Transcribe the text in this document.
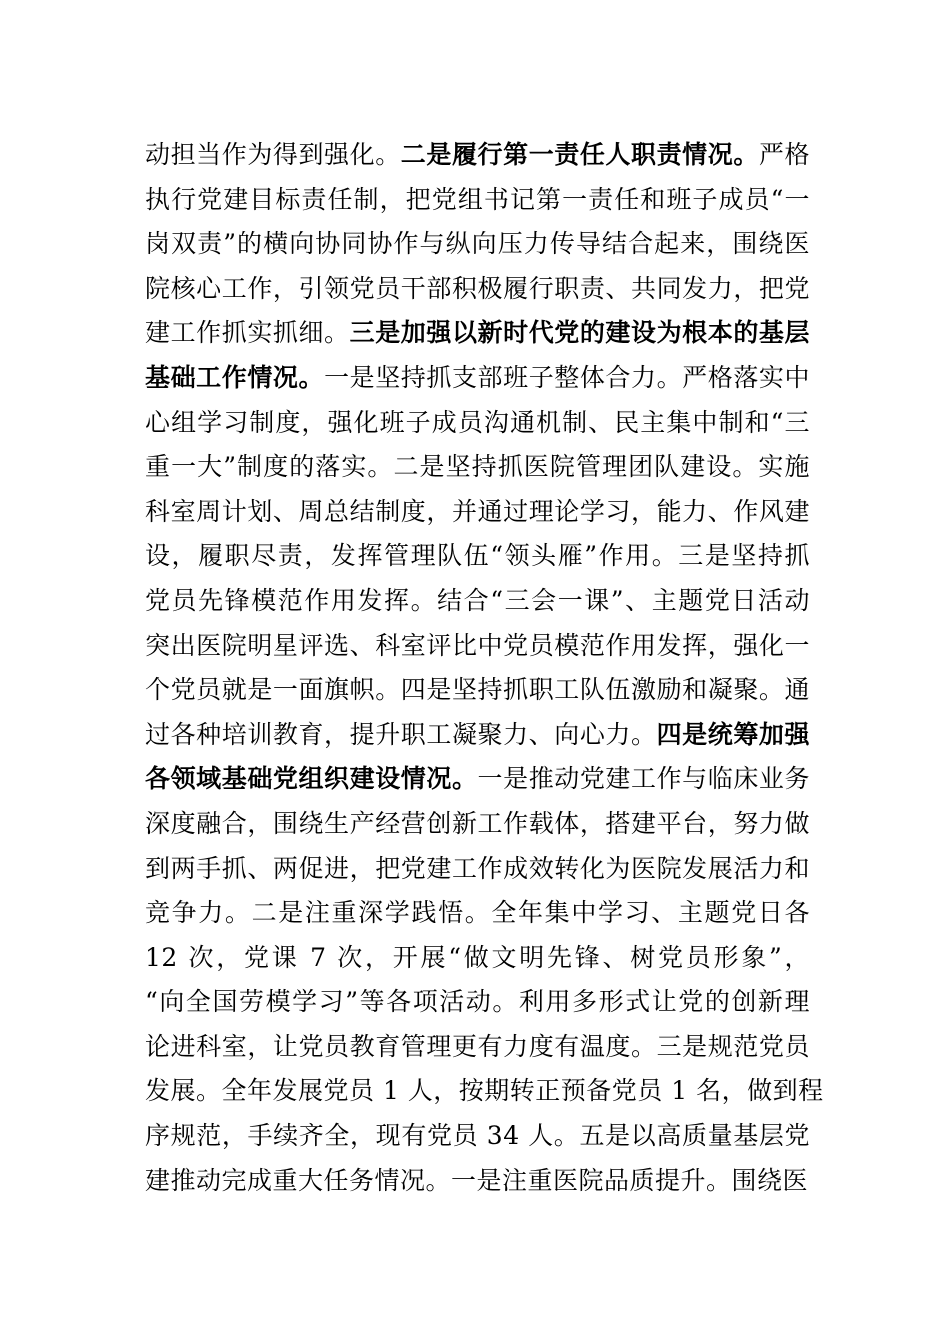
动担当作为得到强化。二是履行第一责任人职责情况。严格
执行党建目标责任制，把党组书记第一责任和班子成员“一
岗双责”的横向协同协作与纵向压力传导结合起来，围绕医
院核心工作，引领党员干部积极履行职责、共同发力，把党
建工作抓实抓细。三是加强以新时代党的建设为根本的基层
基础工作情况。一是坚持抓支部班子整体合力。严格落实中
心组学习制度，强化班子成员沟通机制、民主集中制和“三
重一大”制度的落实。二是坚持抓医院管理团队建设。实施
科室周计划、周总结制度，并通过理论学习，能力、作风建
设，履职尽责，发挥管理队伍“领头雁”作用。三是坚持抓
党员先锋模范作用发挥。结合“三会一课”、主题党日活动
突出医院明星评选、科室评比中党员模范作用发挥，强化一
个党员就是一面旗帜。四是坚持抓职工队伍激励和凝聚。通
过各种培训教育，提升职工凝聚力、向心力。四是统筹加强
各领域基础党组织建设情况。一是推动党建工作与临床业务
深度融合，围绕生产经营创新工作载体，搭建平台，努力做
到两手抓、两促进，把党建工作成效转化为医院发展活力和
竞争力。二是注重深学践悟。全年集中学习、主题党日各
12 次，党课 7 次，开展“做文明先锋、树党员形象”，
“向全国劳模学习”等各项活动。利用多形式让党的创新理
论进科室，让党员教育管理更有力度有温度。三是规范党员
发展。全年发展党员 1 人，按期转正预备党员 1 名，做到程
序规范，手续齐全，现有党员 34 人。五是以高质量基层党
建推动完成重大任务情况。一是注重医院品质提升。围绕医
